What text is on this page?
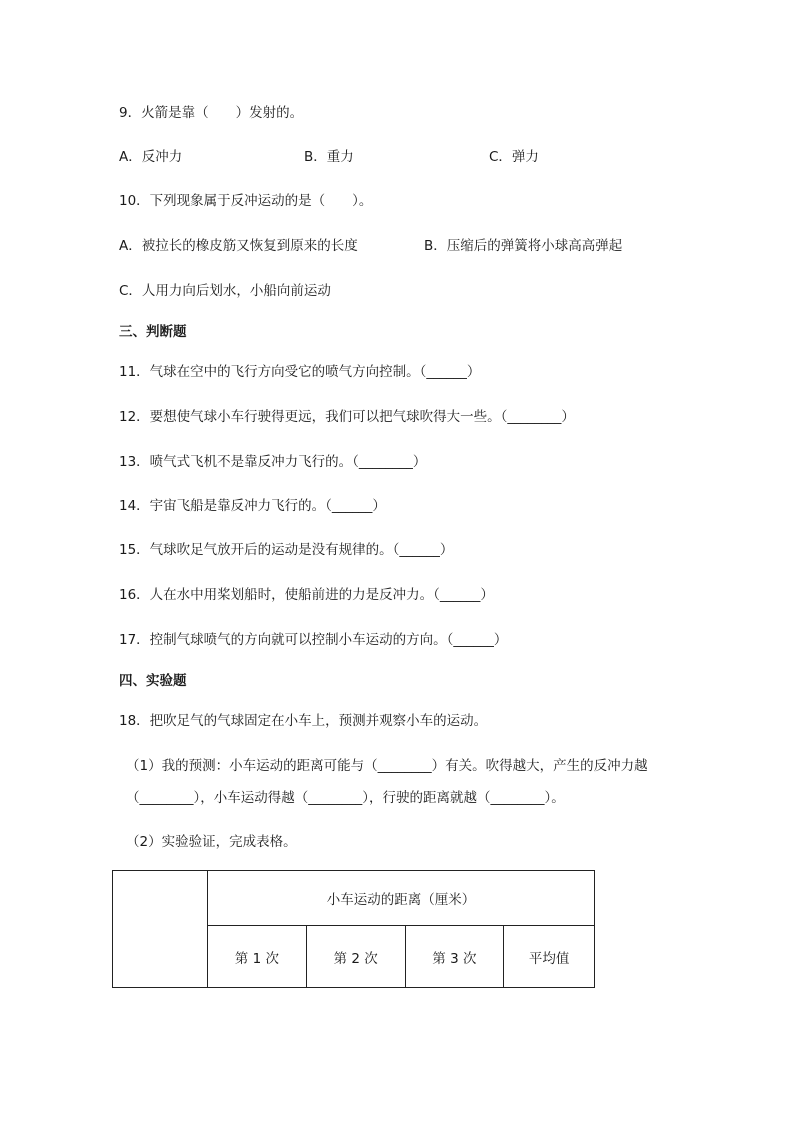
9．火箭是靠（　　）发射的。
A．反冲力	B．重力	C．弹力
10．下列现象属于反冲运动的是（　　）。
A．被拉长的橡皮筋又恢复到原来的长度	B．压缩后的弹簧将小球高高弹起
C．人用力向后划水，小船向前运动
三、判断题
11．气球在空中的飞行方向受它的喷气方向控制。（______）
12．要想使气球小车行驶得更远，我们可以把气球吹得大一些。（________）
13．喷气式飞机不是靠反冲力飞行的。（________）
14．宇宙飞船是靠反冲力飞行的。（______）
15．气球吹足气放开后的运动是没有规律的。（______）
16．人在水中用桨划船时，使船前进的力是反冲力。（______）
17．控制气球喷气的方向就可以控制小车运动的方向。（______）
四、实验题
18．把吹足气的气球固定在小车上，预测并观察小车的运动。
（1）我的预测：小车运动的距离可能与（________）有关。吹得越大，产生的反冲力越
（________），小车运动得越（________），行驶的距离就越（________）。
（2）实验验证，完成表格。
	小车运动的距离（厘米）			
	第 1 次	第 2 次	第 3 次	平均值
